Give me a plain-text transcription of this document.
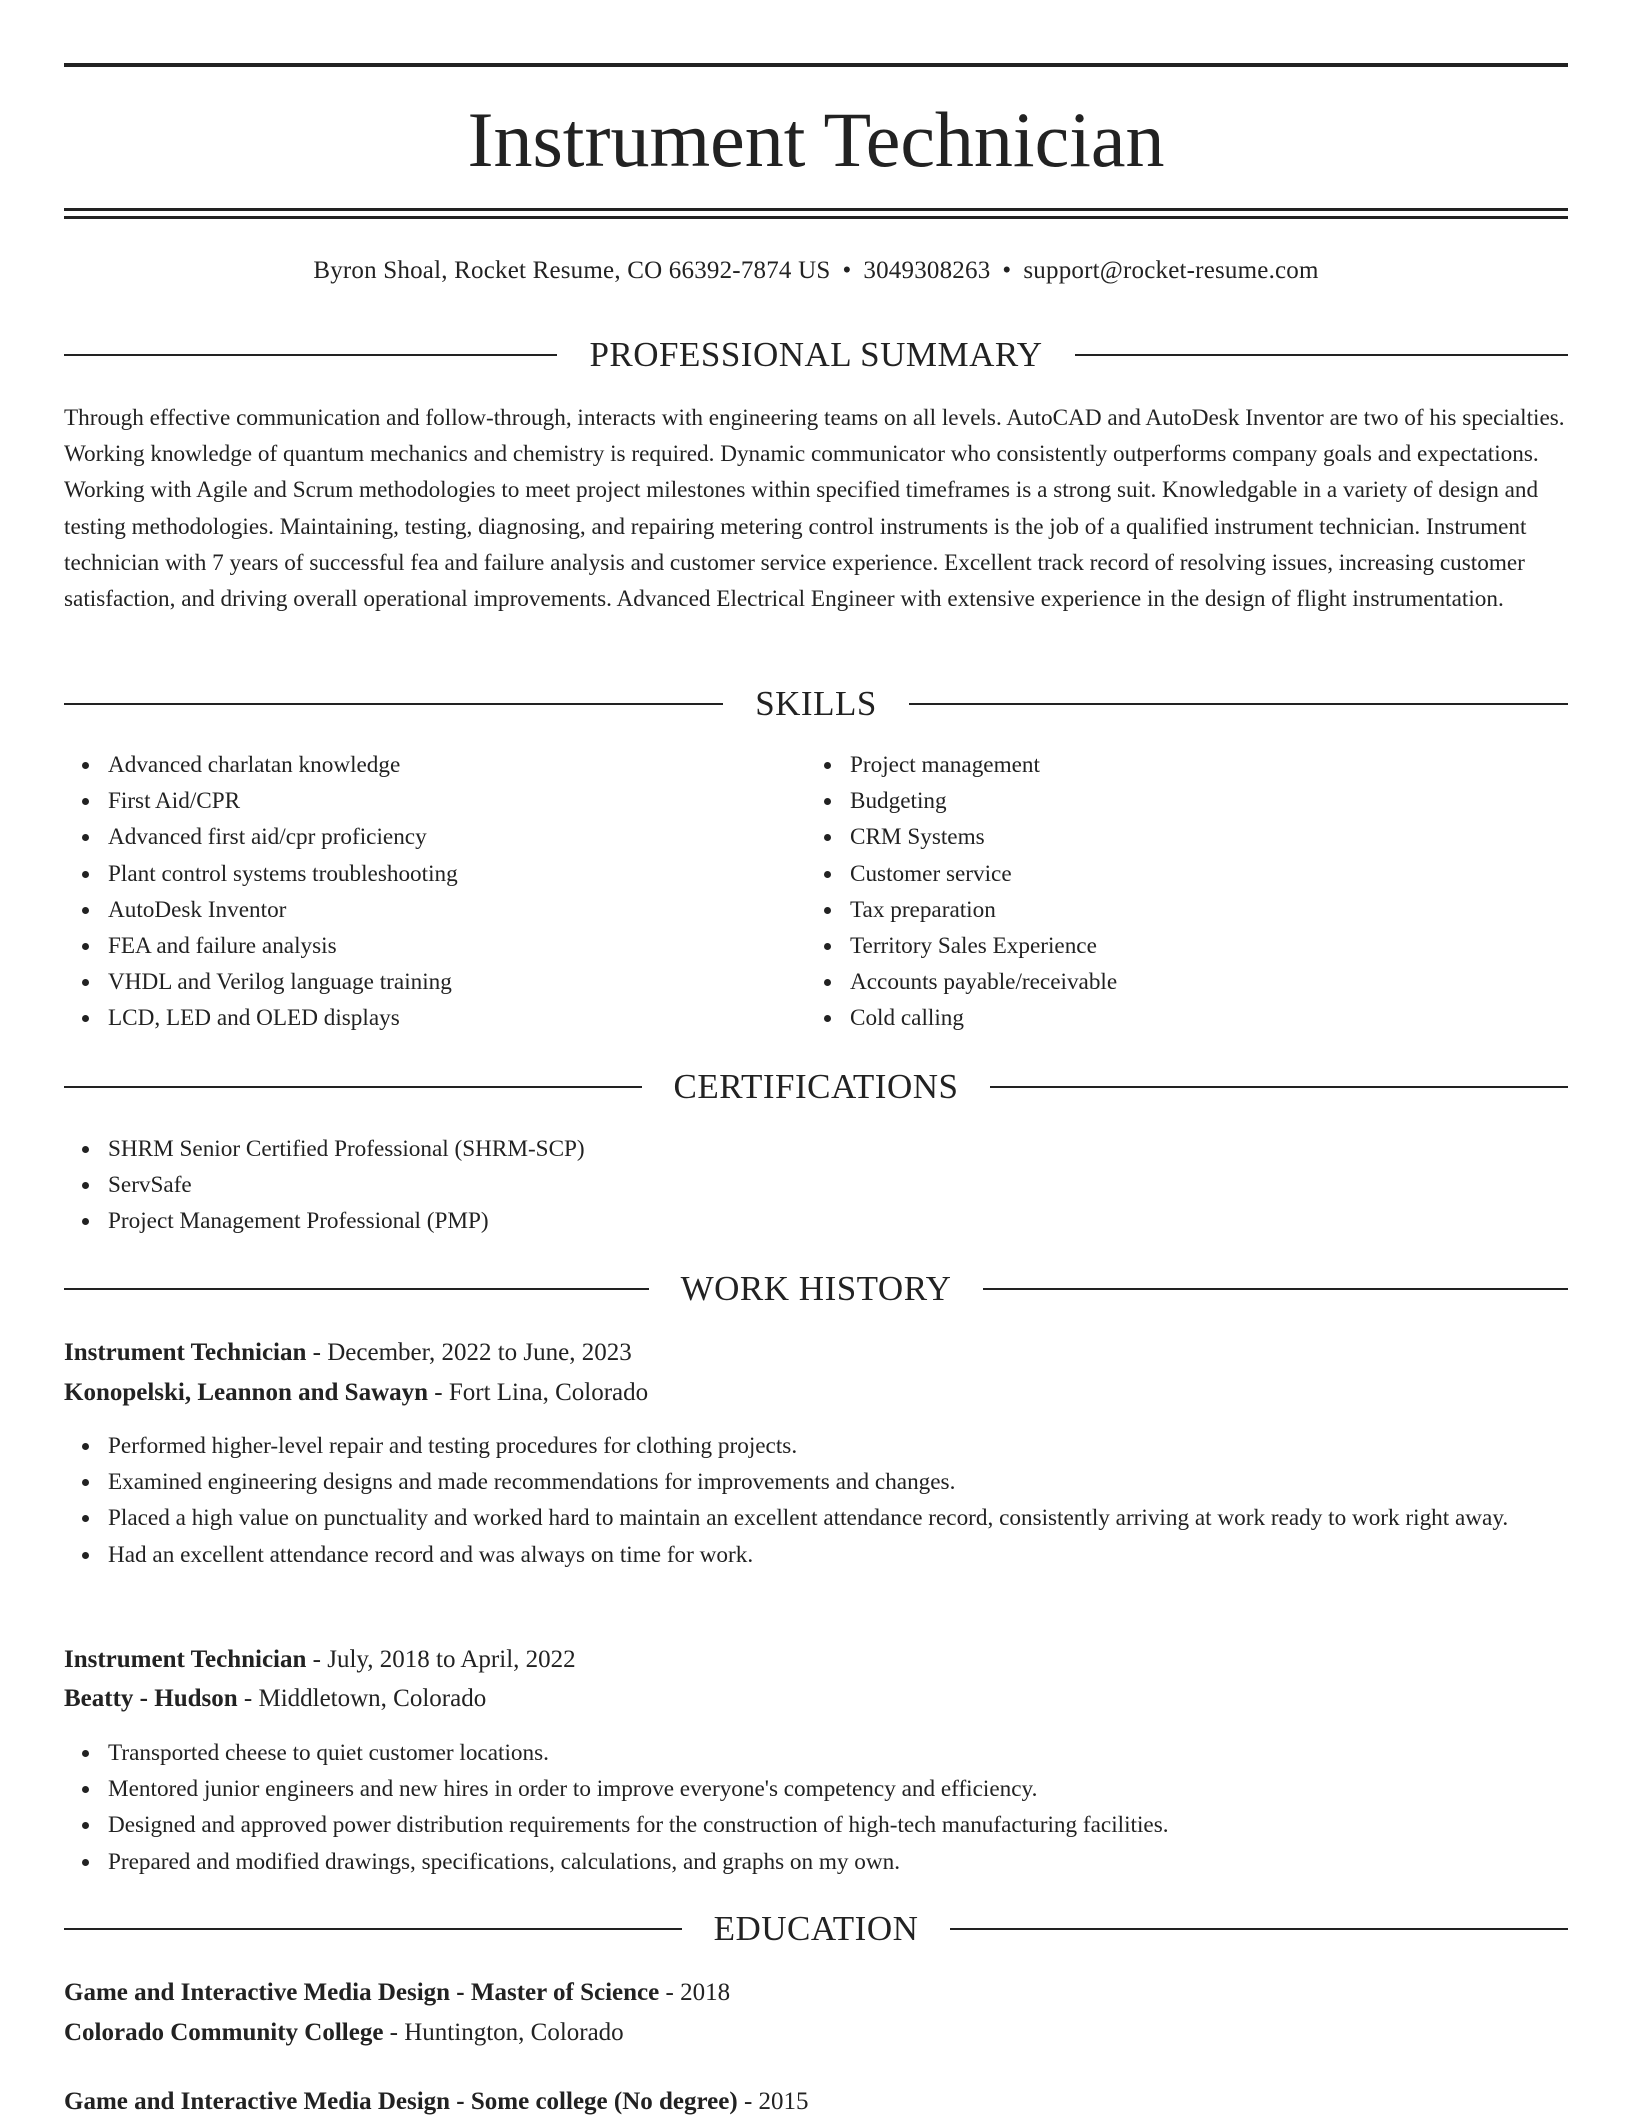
Instrument Technician
Byron Shoal, Rocket Resume, CO 66392-7874 US • 3049308263 • support@rocket-resume.com
PROFESSIONAL SUMMARY

Through effective communication and follow-through, interacts with engineering teams on all levels. AutoCAD and AutoDesk Inventor are two of his specialties. Working knowledge of quantum mechanics and chemistry is required. Dynamic communicator who consistently outperforms company goals and expectations. Working with Agile and Scrum methodologies to meet project milestones within specified timeframes is a strong suit. Knowledgable in a variety of design and testing methodologies. Maintaining, testing, diagnosing, and repairing metering control instruments is the job of a qualified instrument technician. Instrument technician with 7 years of successful fea and failure analysis and customer service experience. Excellent track record of resolving issues, increasing customer satisfaction, and driving overall operational improvements. Advanced Electrical Engineer with extensive experience in the design of flight instrumentation.

SKILLS
Advanced charlatan knowledge
First Aid/CPR
Advanced first aid/cpr proficiency
Plant control systems troubleshooting
AutoDesk Inventor
FEA and failure analysis
VHDL and Verilog language training
LCD, LED and OLED displays
Project management
Budgeting
CRM Systems
Customer service
Tax preparation
Territory Sales Experience
Accounts payable/receivable
Cold calling
CERTIFICATIONS
SHRM Senior Certified Professional (SHRM-SCP)
ServSafe
Project Management Professional (PMP)
WORK HISTORY
Instrument Technician - December, 2022 to June, 2023
Konopelski, Leannon and Sawayn - Fort Lina, Colorado
Performed higher-level repair and testing procedures for clothing projects.
Examined engineering designs and made recommendations for improvements and changes.
Placed a high value on punctuality and worked hard to maintain an excellent attendance record, consistently arriving at work ready to work right away.
Had an excellent attendance record and was always on time for work.
Instrument Technician - July, 2018 to April, 2022
Beatty - Hudson - Middletown, Colorado
Transported cheese to quiet customer locations.
Mentored junior engineers and new hires in order to improve everyone's competency and efficiency.
Designed and approved power distribution requirements for the construction of high-tech manufacturing facilities.
Prepared and modified drawings, specifications, calculations, and graphs on my own.
EDUCATION
Game and Interactive Media Design - Master of Science - 2018
Colorado Community College - Huntington, Colorado
Game and Interactive Media Design - Some college (No degree) - 2015
